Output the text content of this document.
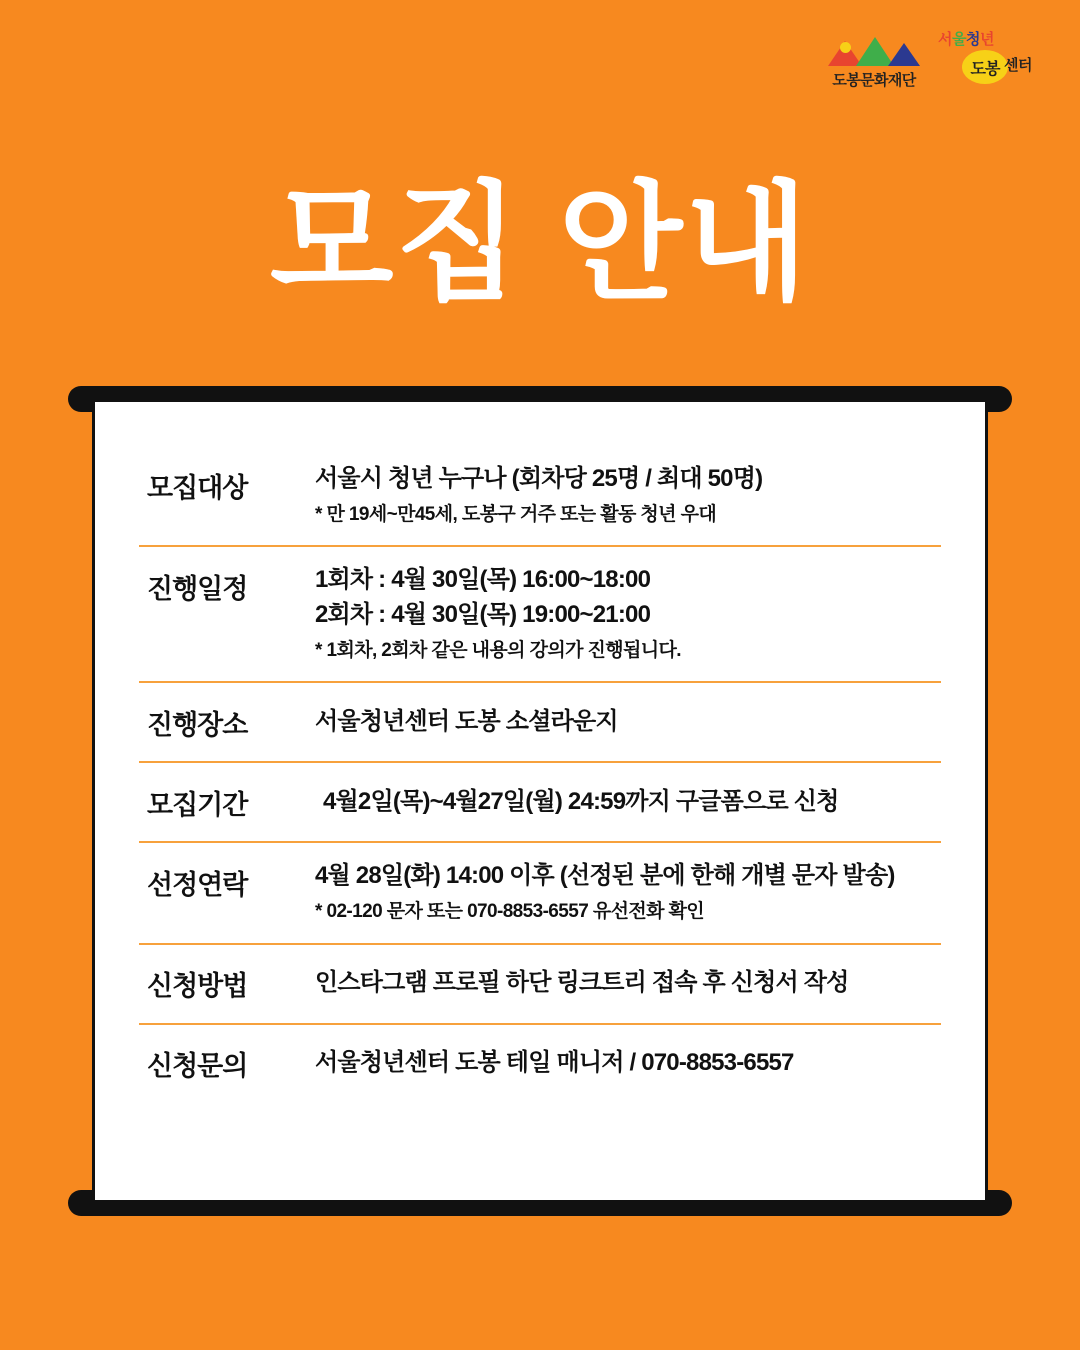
도봉문화재단
서울청년
도봉 센터
모집 안내
모집대상	서울시 청년 누구나 (회차당 25명 / 최대 50명)
* 만 19세~만45세, 도봉구 거주 또는 활동 청년 우대
진행일정	1회차 : 4월 30일(목) 16:00~18:00
2회차 : 4월 30일(목) 19:00~21:00
* 1회차, 2회차 같은 내용의 강의가 진행됩니다.
진행장소	서울청년센터 도봉 소셜라운지
모집기간	4월2일(목)~4월27일(월) 24:59까지 구글폼으로 신청
선정연락	4월 28일(화) 14:00 이후 (선정된 분에 한해 개별 문자 발송)
* 02-120 문자 또는 070-8853-6557 유선전화 확인
신청방법	인스타그램 프로필 하단 링크트리 접속 후 신청서 작성
신청문의	서울청년센터 도봉 테일 매니저 / 070-8853-6557
